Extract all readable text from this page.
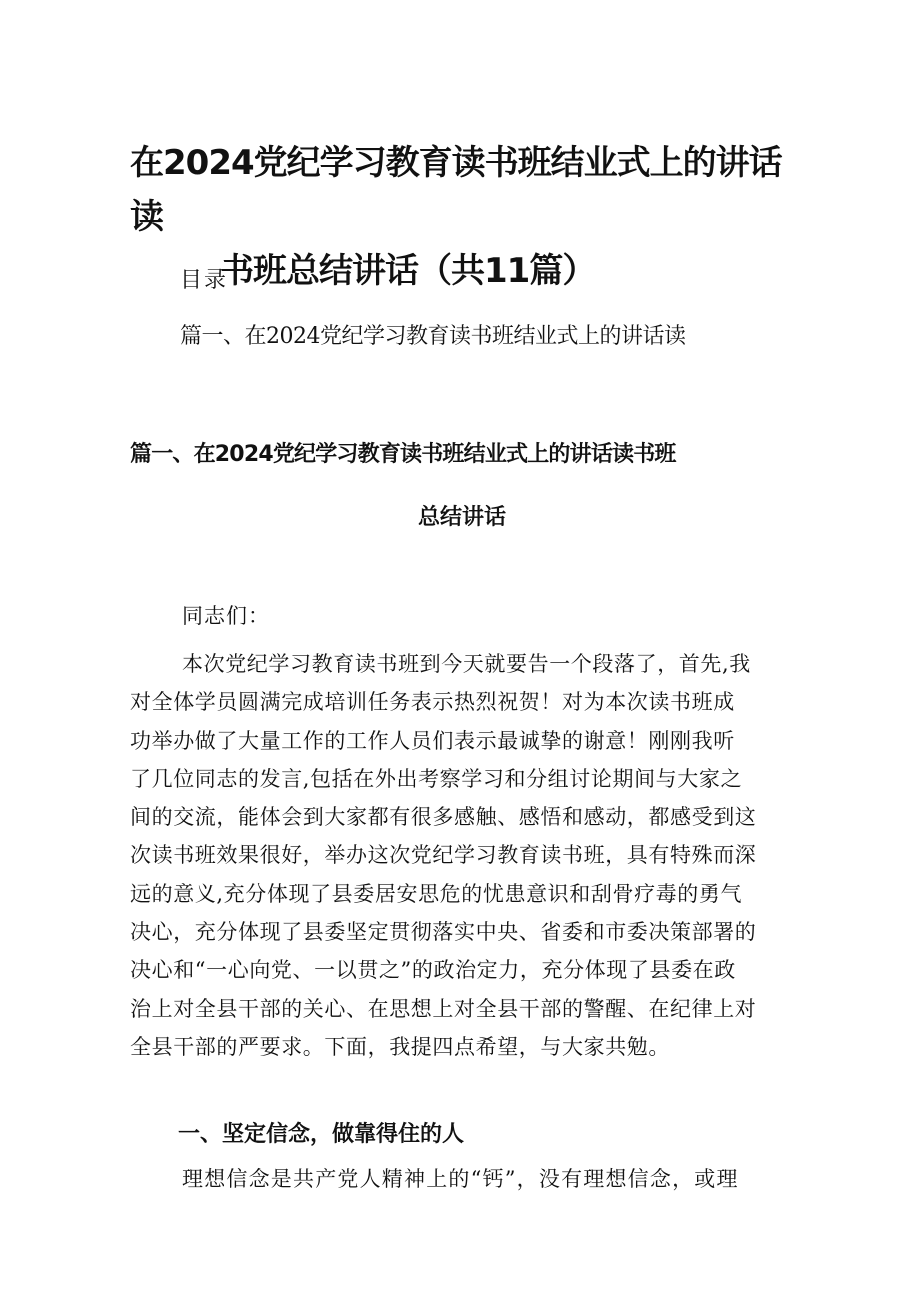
在2024党纪学习教育读书班结业式上的讲话读
书班总结讲话（共11篇）
目录
篇一、在2024党纪学习教育读书班结业式上的讲话读
篇一、在2024党纪学习教育读书班结业式上的讲话读书班
总结讲话
同志们：
本次党纪学习教育读书班到今天就要告一个段落了，首先,我
对全体学员圆满完成培训任务表示热烈祝贺！对为本次读书班成
功举办做了大量工作的工作人员们表示最诚挚的谢意！刚刚我听
了几位同志的发言,包括在外出考察学习和分组讨论期间与大家之
间的交流，能体会到大家都有很多感触、感悟和感动，都感受到这
次读书班效果很好，举办这次党纪学习教育读书班，具有特殊而深
远的意义,充分体现了县委居安思危的忧患意识和刮骨疗毒的勇气
决心，充分体现了县委坚定贯彻落实中央、省委和市委决策部署的
决心和“一心向党、一以贯之”的政治定力，充分体现了县委在政
治上对全县干部的关心、在思想上对全县干部的警醒、在纪律上对
全县干部的严要求。下面，我提四点希望，与大家共勉。
一、坚定信念，做靠得住的人
理想信念是共产党人精神上的“钙”，没有理想信念，或理
